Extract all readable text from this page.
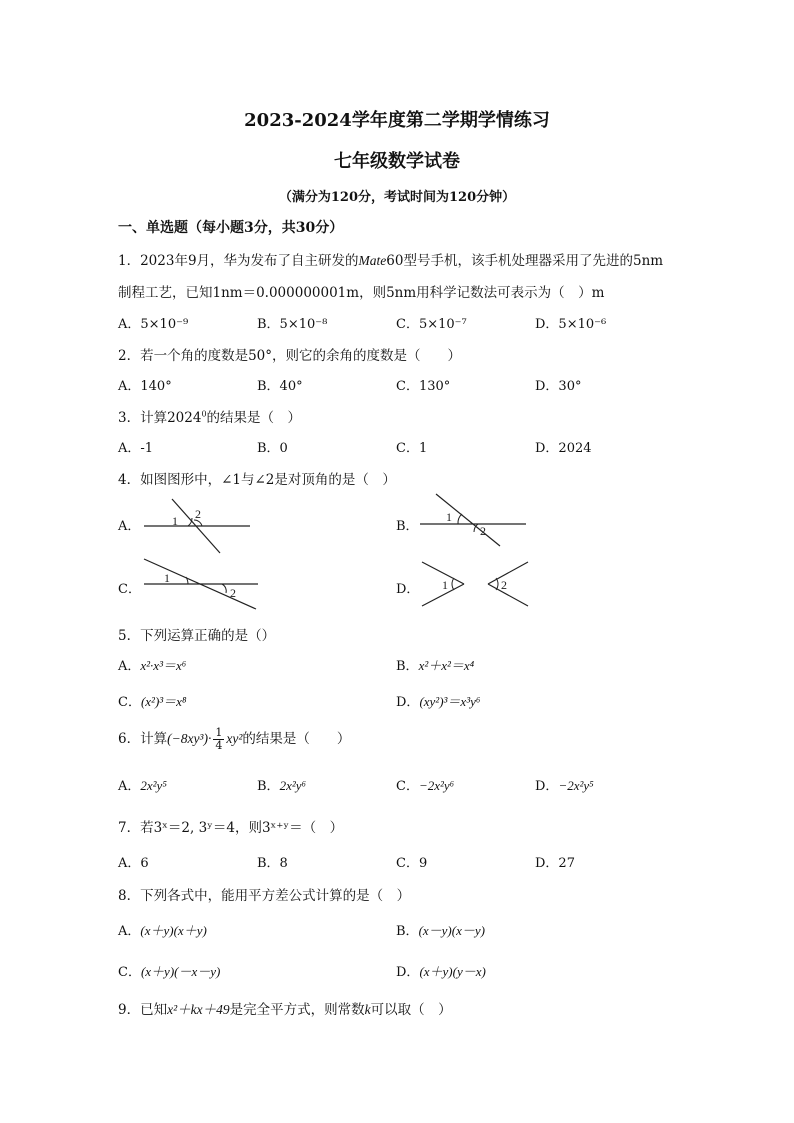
2023-2024学年度第二学期学情练习
七年级数学试卷
（满分为120分，考试时间为120分钟）
一、单选题（每小题3分，共30分）
1．2023年9月，华为发布了自主研发的Mate60型号手机，该手机处理器采用了先进的5nm
制程工艺，已知1nm＝0.000000001m，则5nm用科学记数法可表示为（　）m
A．5×10⁻⁹	B．5×10⁻⁸	C．5×10⁻⁷	D．5×10⁻⁶
2．若一个角的度数是50°，则它的余角的度数是（　　）
A．140°	B．40°	C．130°	D．30°
3．计算2024$^0$的结果是（　）
A．-1	B．0	C．1	D．2024
4．如图图形中，∠1与∠2是对顶角的是（　）
A．	1 2
B．
1
2
C．
1
2	D． 1	2
5．下列运算正确的是（）
A．x²·x³＝x⁶	B．x²＋x²＝x⁴
C．(x²)³＝x⁸	D．(xy²)³＝x³y⁶
6．计算$(-8xy^3)\cdot \frac{1}{4} xy^2$的结果是（　　）
A．2x²y⁵	B．2x²y⁶	C．−2x²y⁶	D．−2x²y⁵
7．若3ˣ＝2, 3ʸ＝4，则3ˣ⁺ʸ＝（　）
A．6	B．8	C．9	D．27
8．下列各式中，能用平方差公式计算的是（　）
A．(x＋y)(x＋y)	B．(x－y)(x－y)
C．(x＋y)(－x－y)	D．(x＋y)(y－x)
9．已知x²＋kx＋49是完全平方式，则常数k可以取（　）
